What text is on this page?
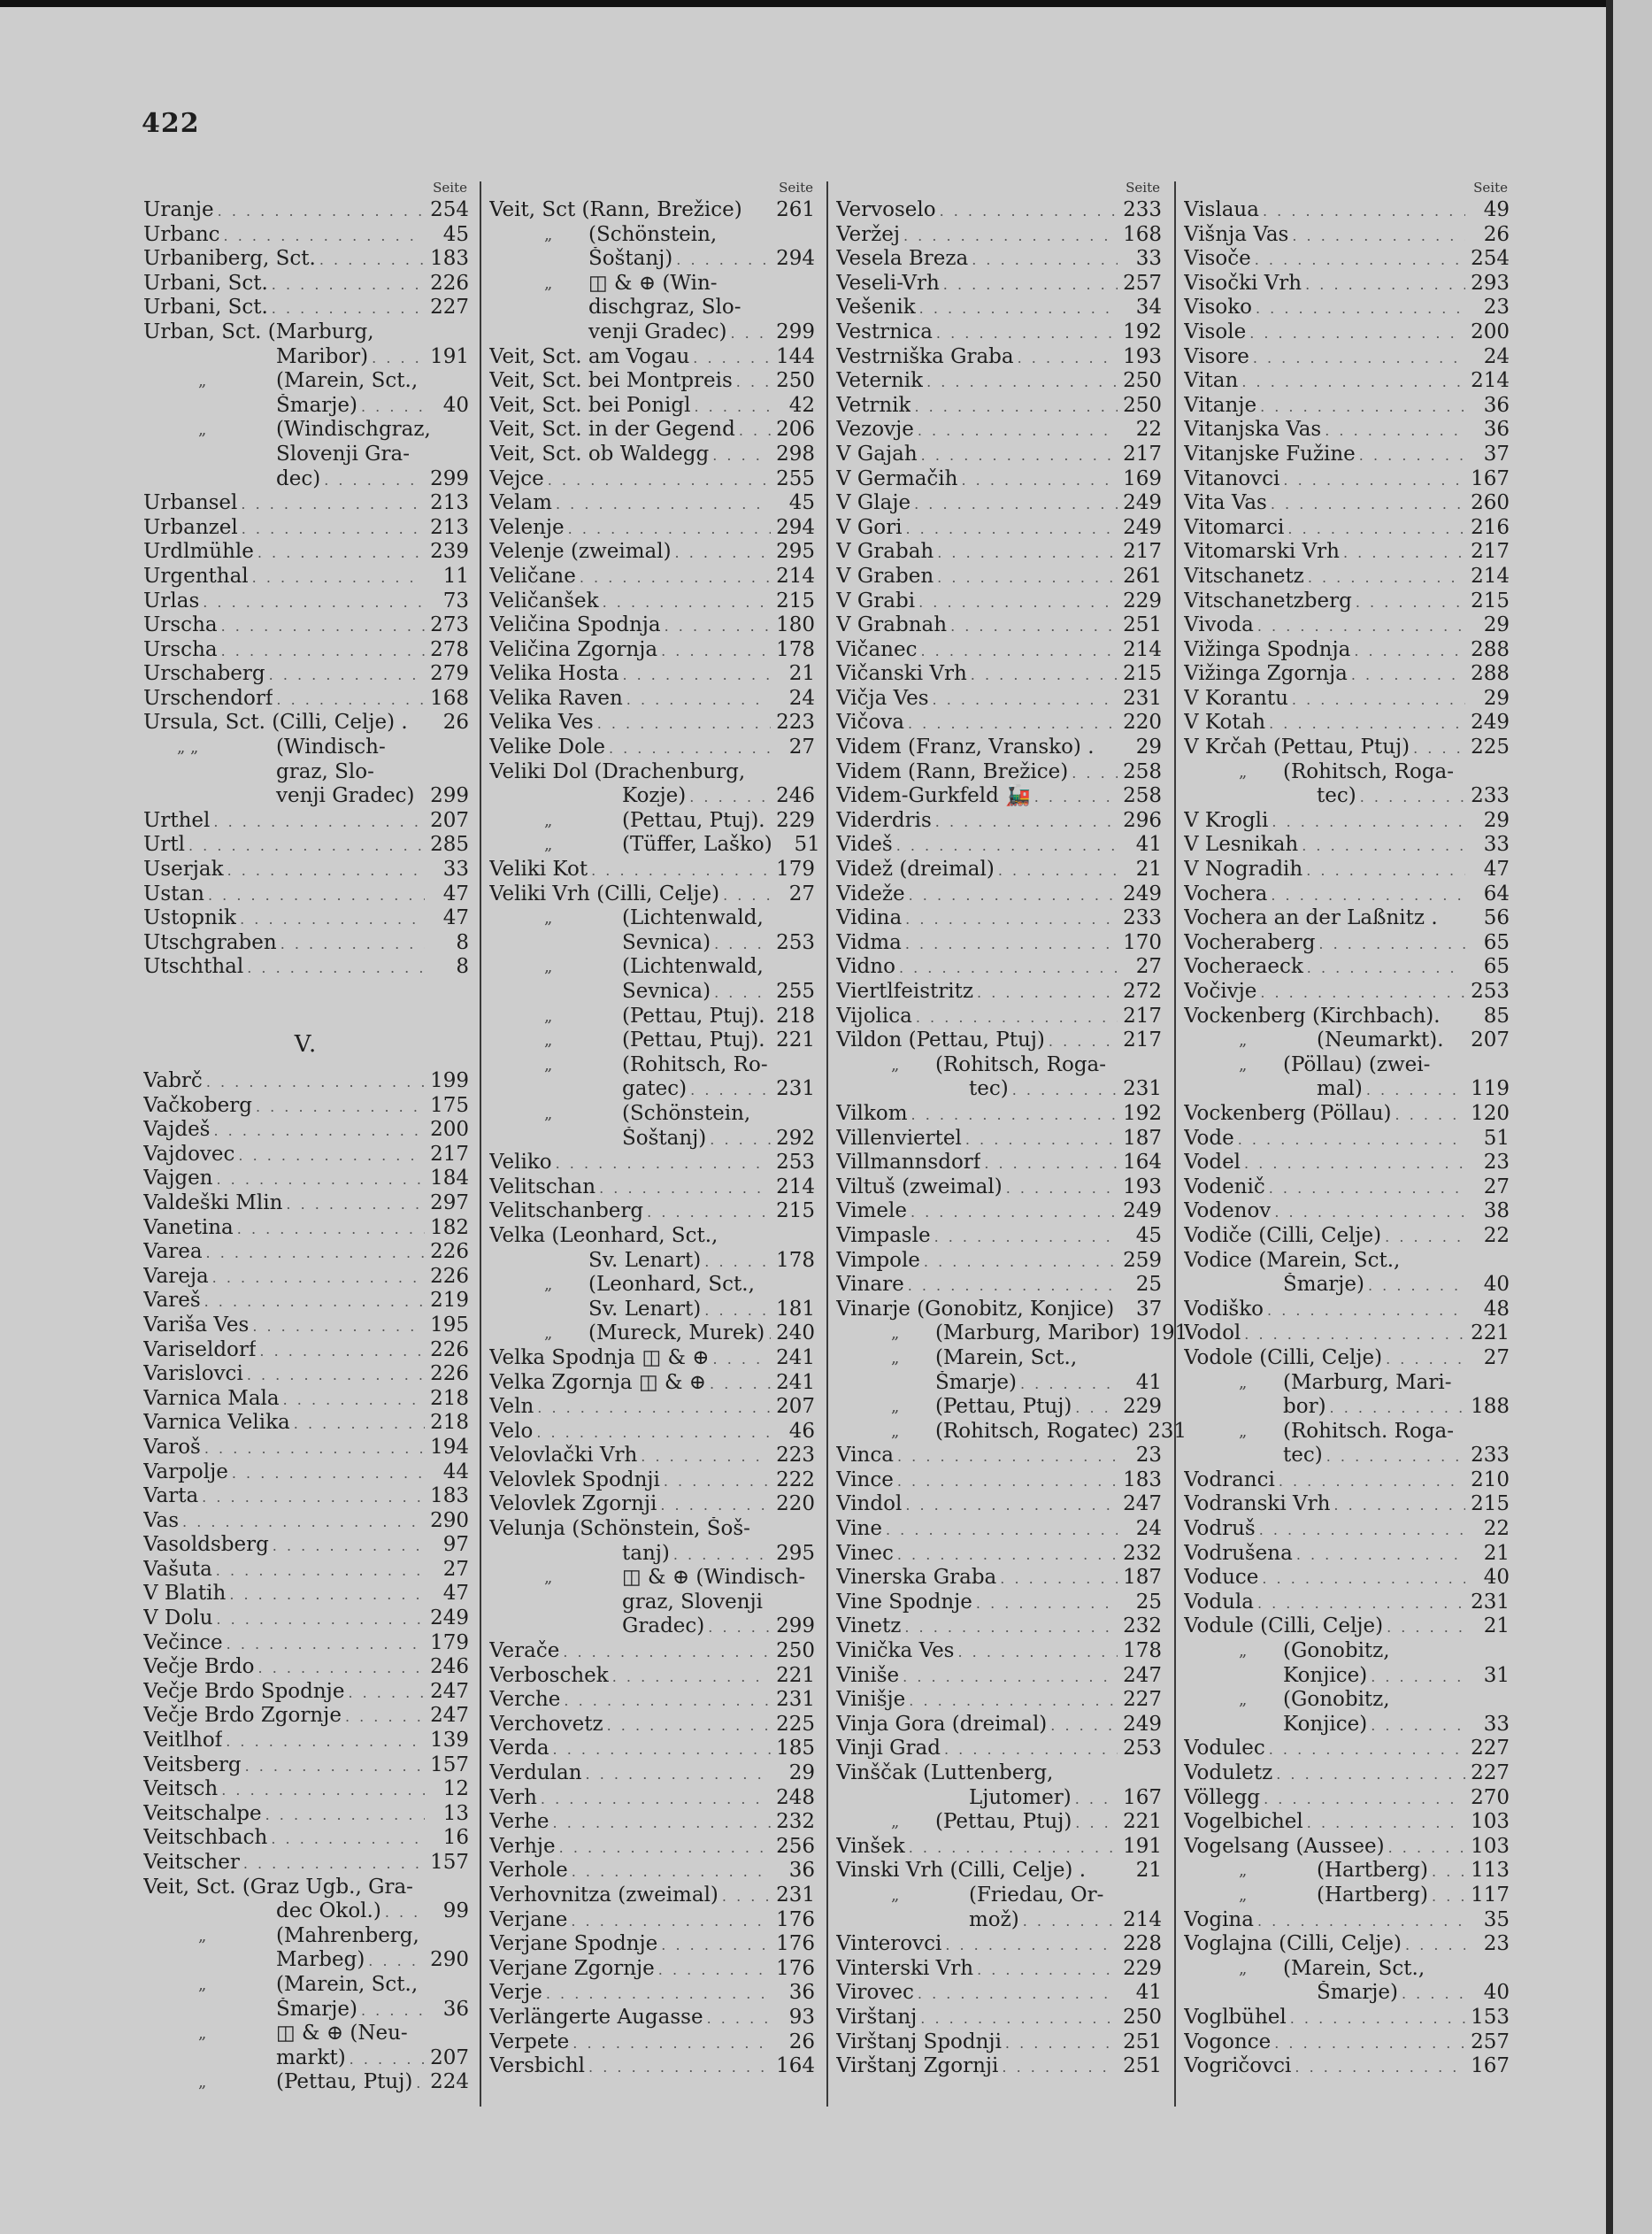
422
Seite
Uranje . . .	254
Urbanc . . .	45
Urbaniberg, Sct. . . .	183
Urbani, Sct. . . .	226
Urbani, Sct. . . .	227
Urban, Sct. (Marburg,
Maribor) . . .	191
„	(Marein, Sct.,
Šmarje) . . .	40
„	(Windischgraz,
Slovenji Gra-
dec) . . .	299
Urbansel . . .	213
Urbanzel . . .	213
Urdlmühle . . .	239
Urgenthal . . .	11
Urlas . . .	73
Urscha . . .	273
Urscha . . .	278
Urschaberg . . .	279
Urschendorf . . .	168
Ursula, Sct. (Cilli, Celje) .	26
„ „	(Windisch-
graz, Slo-
venji Gradec) 299
Urthel . . .	207
Urtl . . .	285
Userjak . . .	33
Ustan . . .	47
Ustopnik . . .	47
Utschgraben . . .	8
Utschthal . . .	8
V.
Vabrč . . .	199
Vačkoberg . . .	175
Vajdeš . . .	200
Vajdovec . . .	217
Vajgen . . .	184
Valdeški Mlin . . .	297
Vanetina . . .	182
Varea . . .	226
Vareja . . .	226
Vareš . . .	219
Variša Ves . . .	195
Variseldorf . . .	226
Varislovci . . .	226
Varnica Mala . . .	218
Varnica Velika . . .	218
Varoš . . .	194
Varpolje . . .	44
Varta . . .	183
Vas . . .	290
Vasoldsberg . . .	97
Vašuta . . .	27
V Blatih . . .	47
V Dolu . . .	249
Večince . . .	179
Večje Brdo . . .	246
Večje Brdo Spodnje . . .	247
Večje Brdo Zgornje . . .	247
Veitlhof . . .	139
Veitsberg . . .	157
Veitsch . . .	12
Veitschalpe . . .	13
Veitschbach . . .	16
Veitscher . . .	157
Veit, Sct. (Graz Ugb., Gra-
dec Okol.) . . .	99
„	(Mahrenberg,
Marbeg) . . .	290
„	(Marein, Sct.,
Šmarje) . . .	36
„	◫ & ⊕ (Neu-
markt) . . .	207
„	(Pettau, Ptuj) . . . 224
Seite
Veit, Sct (Rann, Brežice) 261
„	(Schönstein,
Šoštanj) . . .	294
„	◫ & ⊕ (Win-
dischgraz, Slo-
venji Gradec) . . . 299
Veit, Sct. am Vogau . . .	144
Veit, Sct. bei Montpreis . . . 250
Veit, Sct. bei Ponigl . . .	42
Veit, Sct. in der Gegend . . . 206
Veit, Sct. ob Waldegg . . .	298
Vejce . . .	255
Velam . . .	45
Velenje . . .	294
Velenje (zweimal) . . .	295
Veličane . . .	214
Veličanšek . . .	215
Veličina Spodnja . . .	180
Veličina Zgornja . . .	178
Velika Hosta . . .	21
Velika Raven . . .	24
Velika Ves . . .	223
Velike Dole . . .	27
Veliki Dol (Drachenburg,
Kozje) . . .	246
„	(Pettau, Ptuj). 229
„	(Tüffer, Laško)	51
Veliki Kot . . .	179
Veliki Vrh (Cilli, Celje) . . .	27
„	(Lichtenwald,
Sevnica) . . .	253
„	(Lichtenwald,
Sevnica) . . .	255
„	(Pettau, Ptuj). 218
„	(Pettau, Ptuj). 221
„	(Rohitsch, Ro-
gatec) . . .	231
„	(Schönstein,
Šoštanj) . . .	292
Veliko . . .	253
Velitschan . . .	214
Velitschanberg . . .	215
Velka (Leonhard, Sct.,
Sv. Lenart) . . .	178
„	(Leonhard, Sct.,
Sv. Lenart) . . .	181
„	(Mureck, Murek) . . . 240
Velka Spodnja ◫ & ⊕ . . .	241
Velka Zgornja ◫ & ⊕ . . .	241
Veln . . .	207
Velo . . .	46
Velovlački Vrh . . .	223
Velovlek Spodnji . . .	222
Velovlek Zgornji . . .	220
Velunja (Schönstein, Šoš-
tanj) . . .	295
„	◫ & ⊕ (Windisch-
graz, Slovenji
Gradec) . . .	299
Verače . . .	250
Verboschek . . .	221
Verche . . .	231
Verchovetz . . .	225
Verda . . .	185
Verdulan . . .	29
Verh . . .	248
Verhe . . .	232
Verhje . . .	256
Verhole . . .	36
Verhovnitza (zweimal) . . .	231
Verjane . . .	176
Verjane Spodnje . . .	176
Verjane Zgornje . . .	176
Verje . . .	36
Verlängerte Augasse . . .	93
Verpete . . .	26
Versbichl . . .	164
Seite
Vervoselo . . .	233
Veržej . . .	168
Vesela Breza . . .	33
Veseli-Vrh . . .	257
Vešenik . . .	34
Vestrnica . . .	192
Vestrniška Graba . . .	193
Veternik . . .	250
Vetrnik . . .	250
Vezovje . . .	22
V Gajah . . .	217
V Germačih . . .	169
V Glaje . . .	249
V Gori . . .	249
V Grabah . . .	217
V Graben . . .	261
V Grabi . . .	229
V Grabnah . . .	251
Vičanec . . .	214
Vičanski Vrh . . .	215
Vičja Ves . . .	231
Vičova . . .	220
Videm (Franz, Vransko) .	29
Videm (Rann, Brežice) . . .	258
Videm-Gurkfeld 🚂 . . .	258
Viderdris . . .	296
Videš . . .	41
Videž (dreimal) . . .	21
Videže . . .	249
Vidina . . .	233
Vidma . . .	170
Vidno . . .	27
Viertlfeistritz . . .	272
Vijolica . . .	217
Vildon (Pettau, Ptuj) . . .	217
„	(Rohitsch, Roga-
tec) . . .	231
Vilkom . . .	192
Villenviertel . . .	187
Villmannsdorf . . .	164
Viltuš (zweimal) . . .	193
Vimele . . .	249
Vimpasle . . .	45
Vimpole . . .	259
Vinare . . .	25
Vinarje (Gonobitz, Konjice)	37
„	(Marburg, Maribor) 191
„	(Marein, Sct.,
Šmarje) . . .	41
„	(Pettau, Ptuj) . . .	229
„	(Rohitsch, Rogatec) 231
Vinca . . .	23
Vince . . .	183
Vindol . . .	247
Vine . . .	24
Vinec . . .	232
Vinerska Graba . . .	187
Vine Spodnje . . .	25
Vinetz . . .	232
Vinička Ves . . .	178
Viniše . . .	247
Vinišje . . .	227
Vinja Gora (dreimal) . . .	249
Vinji Grad . . .	253
Vinščak (Luttenberg,
Ljutomer) . . .	167
„	(Pettau, Ptuj) . . .	221
Vinšek . . .	191
Vinski Vrh (Cilli, Celje) .	21
„	(Friedau, Or-
mož) . . .	214
Vinterovci . . .	228
Vinterski Vrh . . .	229
Virovec . . .	41
Virštanj . . .	250
Virštanj Spodnji . . .	251
Virštanj Zgornji . . .	251
Seite
Vislaua . . .	49
Višnja Vas . . .	26
Visoče . . .	254
Visočki Vrh . . .	293
Visoko . . .	23
Visole . . .	200
Visore . . .	24
Vitan . . .	214
Vitanje . . .	36
Vitanjska Vas . . .	36
Vitanjske Fužine . . .	37
Vitanovci . . .	167
Vita Vas . . .	260
Vitomarci . . .	216
Vitomarski Vrh . . .	217
Vitschanetz . . .	214
Vitschanetzberg . . .	215
Vivoda . . .	29
Vižinga Spodnja . . .	288
Vižinga Zgornja . . .	288
V Korantu . . .	29
V Kotah . . .	249
V Krčah (Pettau, Ptuj) . . .	225
„	(Rohitsch, Roga-
tec) . . .	233
V Krogli . . .	29
V Lesnikah . . .	33
V Nogradih . . .	47
Vochera . . .	64
Vochera an der Laßnitz .	56
Vocheraberg . . .	65
Vocheraeck . . .	65
Vočivje . . .	253
Vockenberg (Kirchbach).	85
„	(Neumarkt). 207
„	(Pöllau) (zwei-
mal) . . .	119
Vockenberg (Pöllau) . . .	120
Vode . . .	51
Vodel . . .	23
Vodenič . . .	27
Vodenov . . .	38
Vodiče (Cilli, Celje) . . .	22
Vodice (Marein, Sct.,
Šmarje) . . .	40
Vodiško . . .	48
Vodol . . .	221
Vodole (Cilli, Celje) . . .	27
„	(Marburg, Mari-
bor) . . .	188
„	(Rohitsch. Roga-
tec) . . .	233
Vodranci . . .	210
Vodranski Vrh . . .	215
Vodruš . . .	22
Vodrušena . . .	21
Voduce . . .	40
Vodula . . .	231
Vodule (Cilli, Celje) . . .	21
„	(Gonobitz,
Konjice) . . .	31
„	(Gonobitz,
Konjice) . . .	33
Vodulec . . .	227
Voduletz . . .	227
Völlegg . . .	270
Vogelbichel . . .	103
Vogelsang (Aussee) . . .	103
„	(Hartberg) . . . 113
„	(Hartberg) . . . 117
Vogina . . .	35
Voglajna (Cilli, Celje) . . .	23
„	(Marein, Sct.,
Šmarje) . . .	40
Voglbühel . . .	153
Vogonce . . .	257
Vogričovci . . .	167
